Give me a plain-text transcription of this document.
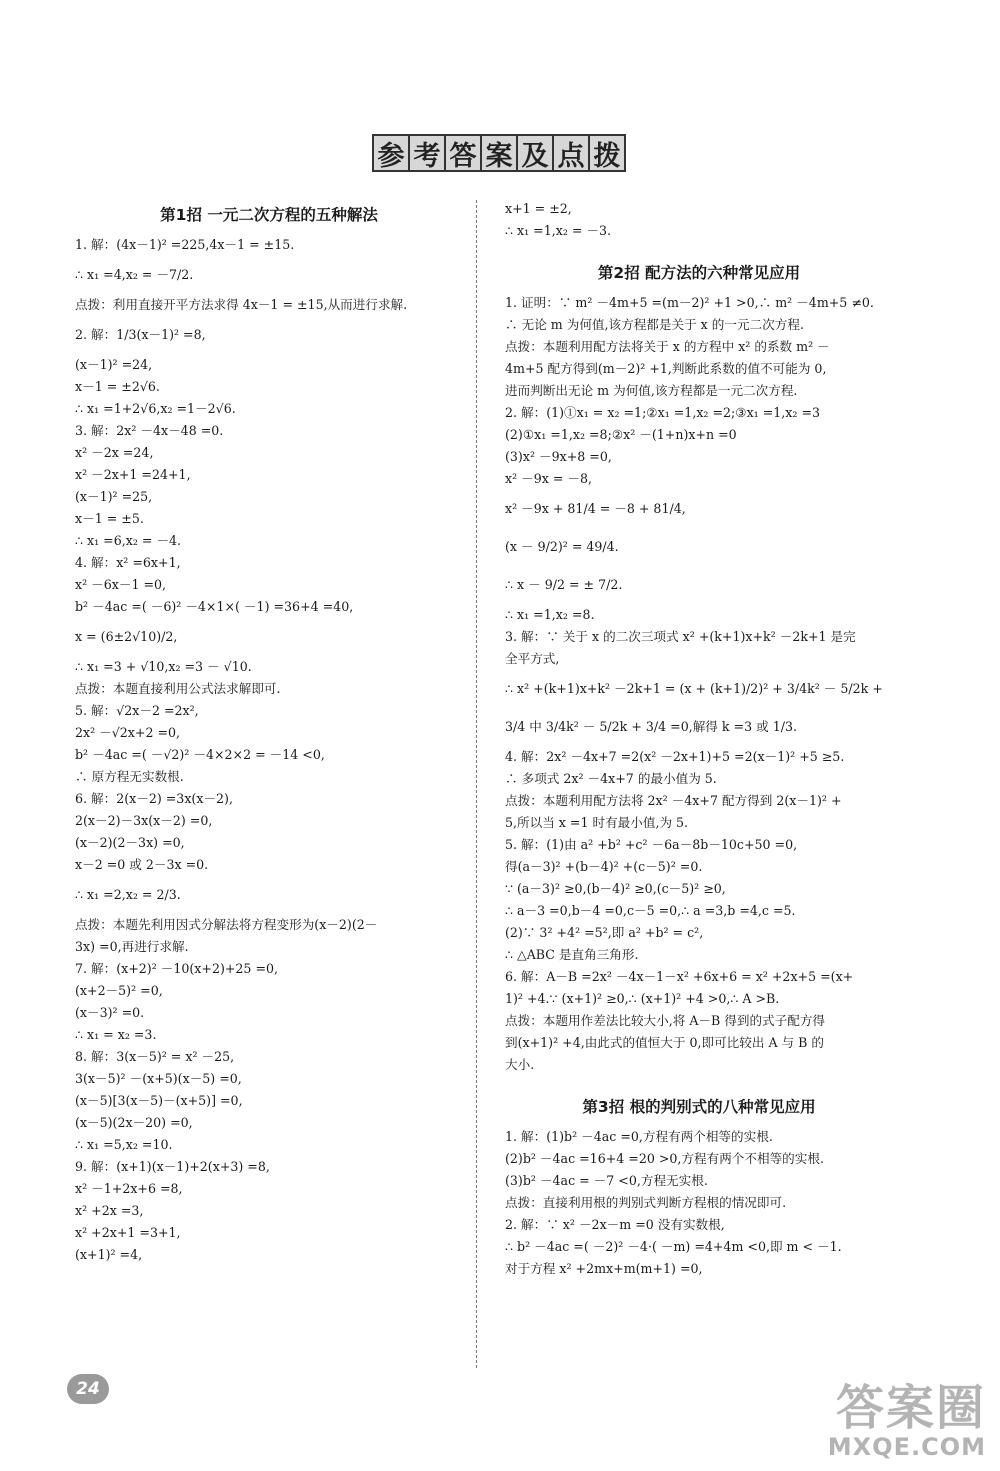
参 考 答 案 及 点 拨
第1招 一元二次方程的五种解法
1. 解：(4x－1)² =225,4x－1 = ±15.
∴ x₁ =4,x₂ = －7/2.
点拨：利用直接开平方法求得 4x－1 = ±15,从而进行求解.
2. 解：1/3(x－1)² =8,
(x－1)² =24,
x－1 = ±2√6.
∴ x₁ =1+2√6,x₂ =1－2√6.
3. 解：2x² －4x－48 =0.
x² －2x =24,
x² －2x+1 =24+1,
(x－1)² =25,
x－1 = ±5.
∴ x₁ =6,x₂ = －4.
4. 解：x² =6x+1,
x² －6x－1 =0,
b² －4ac =( －6)² －4×1×( －1) =36+4 =40,
x = (6±2√10)/2,
∴ x₁ =3 + √10,x₂ =3 － √10.
点拨：本题直接利用公式法求解即可.
5. 解：√2x－2 =2x²,
2x² －√2x+2 =0,
b² －4ac =( －√2)² －4×2×2 = －14 <0,
∴ 原方程无实数根.
6. 解：2(x－2) =3x(x－2),
2(x－2)－3x(x－2) =0,
(x－2)(2－3x) =0,
x－2 =0 或 2－3x =0.
∴ x₁ =2,x₂ = 2/3.
点拨：本题先利用因式分解法将方程变形为(x－2)(2－
3x) =0,再进行求解.
7. 解：(x+2)² －10(x+2)+25 =0,
(x+2－5)² =0,
(x－3)² =0.
∴ x₁ = x₂ =3.
8. 解：3(x－5)² = x² －25,
3(x－5)² －(x+5)(x－5) =0,
(x－5)[3(x－5)－(x+5)] =0,
(x－5)(2x－20) =0,
∴ x₁ =5,x₂ =10.
9. 解：(x+1)(x－1)+2(x+3) =8,
x² －1+2x+6 =8,
x² +2x =3,
x² +2x+1 =3+1,
(x+1)² =4,
x+1 = ±2,
∴ x₁ =1,x₂ = －3.
第2招 配方法的六种常见应用
1. 证明：∵ m² －4m+5 =(m－2)² +1 >0,∴ m² －4m+5 ≠0.
∴ 无论 m 为何值,该方程都是关于 x 的一元二次方程.
点拨：本题利用配方法将关于 x 的方程中 x² 的系数 m² －
4m+5 配方得到(m－2)² +1,判断此系数的值不可能为 0,
进而判断出无论 m 为何值,该方程都是一元二次方程.
2. 解：(1)①x₁ = x₂ =1;②x₁ =1,x₂ =2;③x₁ =1,x₂ =3
(2)①x₁ =1,x₂ =8;②x² －(1+n)x+n =0
(3)x² －9x+8 =0,
x² －9x = －8,
x² －9x + 81/4 = －8 + 81/4,
(x － 9/2)² = 49/4.
∴ x － 9/2 = ± 7/2.
∴ x₁ =1,x₂ =8.
3. 解：∵ 关于 x 的二次三项式 x² +(k+1)x+k² －2k+1 是完
全平方式,
∴ x² +(k+1)x+k² －2k+1 = (x + (k+1)/2)² + 3/4k² － 5/2k +
3/4 中 3/4k² － 5/2k + 3/4 =0,解得 k =3 或 1/3.
4. 解：2x² －4x+7 =2(x² －2x+1)+5 =2(x－1)² +5 ≥5.
∴ 多项式 2x² －4x+7 的最小值为 5.
点拨：本题利用配方法将 2x² －4x+7 配方得到 2(x－1)² +
5,所以当 x =1 时有最小值,为 5.
5. 解：(1)由 a² +b² +c² －6a－8b－10c+50 =0,
得(a－3)² +(b－4)² +(c－5)² =0.
∵ (a－3)² ≥0,(b－4)² ≥0,(c－5)² ≥0,
∴ a－3 =0,b－4 =0,c－5 =0,∴ a =3,b =4,c =5.
(2)∵ 3² +4² =5²,即 a² +b² = c²,
∴ △ABC 是直角三角形.
6. 解：A－B =2x² －4x－1－x² +6x+6 = x² +2x+5 =(x+
1)² +4.∵ (x+1)² ≥0,∴ (x+1)² +4 >0,∴ A >B.
点拨：本题用作差法比较大小,将 A－B 得到的式子配方得
到(x+1)² +4,由此式的值恒大于 0,即可比较出 A 与 B 的
大小.
第3招 根的判别式的八种常见应用
1. 解：(1)b² －4ac =0,方程有两个相等的实根.
(2)b² －4ac =16+4 =20 >0,方程有两个不相等的实根.
(3)b² －4ac = －7 <0,方程无实根.
点拨：直接利用根的判别式判断方程根的情况即可.
2. 解：∵ x² －2x－m =0 没有实数根,
∴ b² －4ac =( －2)² －4·( －m) =4+4m <0,即 m < －1.
对于方程 x² +2mx+m(m+1) =0,
24	答案圈
MXQE.COM
